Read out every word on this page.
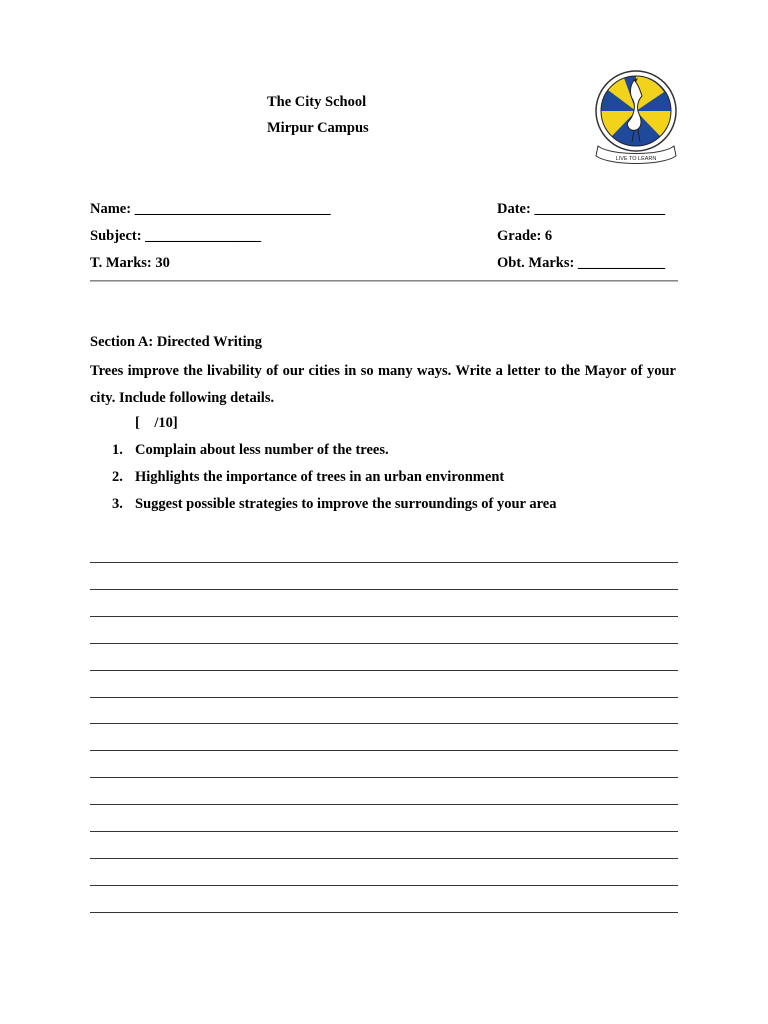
The City School
Mirpur Campus
LIVE TO LEARN
Name: ___________________________
Subject: ________________
T. Marks: 30
Date: __________________
Grade: 6
Obt. Marks: ____________
Section A: Directed Writing
Trees improve the livability of our cities in so many ways. Write a letter to the Mayor of your city. Include following details.
[    /10]
1. Complain about less number of the trees.
2. Highlights the importance of trees in an urban environment
3. Suggest possible strategies to improve the surroundings of your area
